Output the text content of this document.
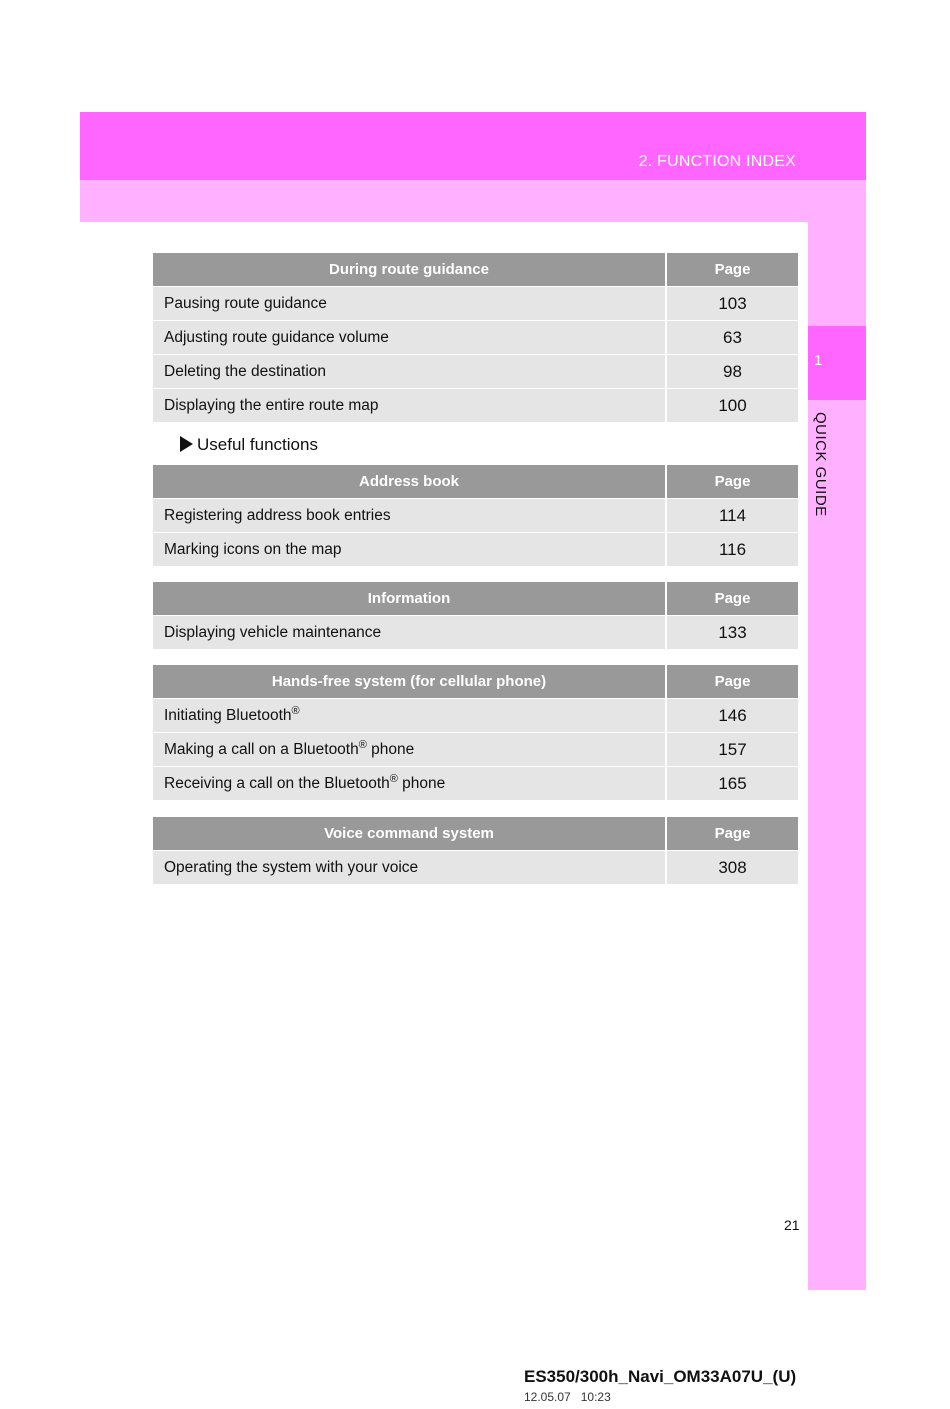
1
QUICK GUIDE
2. FUNCTION INDEX
During route guidance	Page
Pausing route guidance	103
Adjusting route guidance volume	63
Deleting the destination	98
Displaying the entire route map	100
Useful functions
Address book	Page
Registering address book entries	114
Marking icons on the map	116
Information	Page
Displaying vehicle maintenance	133
Hands-free system (for cellular phone)	Page
Initiating Bluetooth®	146
Making a call on a Bluetooth® phone	157
Receiving a call on the Bluetooth® phone	165
Voice command system	Page
Operating the system with your voice	308
21
ES350/300h_Navi_OM33A07U_(U)
12.05.07 10:23
